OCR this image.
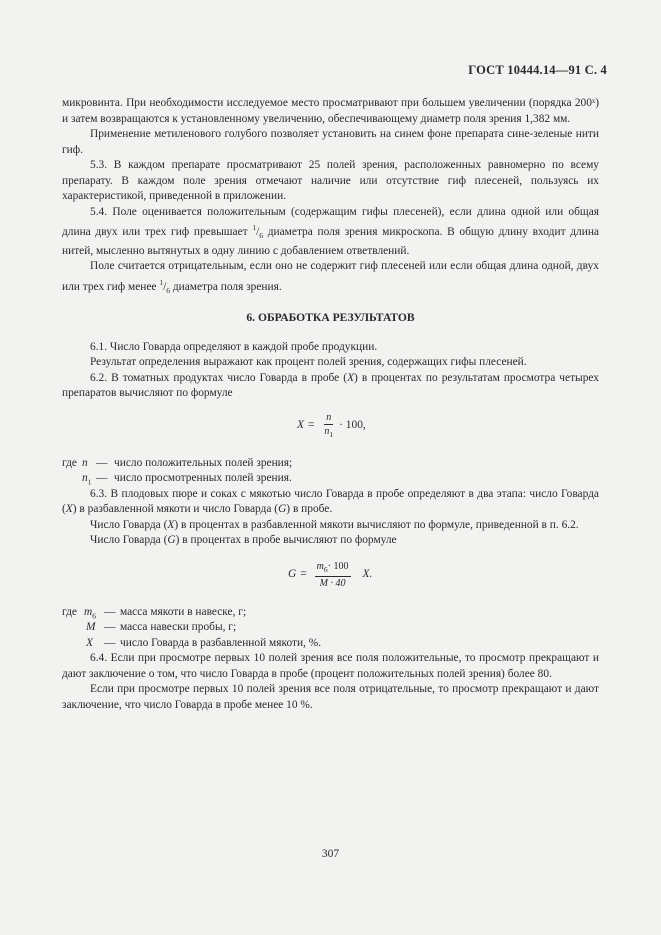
ГОСТ 10444.14—91 С. 4

микровинта. При необходимости исследуемое место просматривают при большем увеличении (порядка 200ˣ) и затем возвращаются к установленному увеличению, обеспечивающему диаметр поля зрения 1,382 мм.

Применение метиленового голубого позволяет установить на синем фоне препарата сине-зеленые нити гиф.

5.3. В каждом препарате просматривают 25 полей зрения, расположенных равномерно по всему препарату. В каждом поле зрения отмечают наличие или отсутствие гиф плесеней, пользуясь их характеристикой, приведенной в приложении.

5.4. Поле оценивается положительным (содержащим гифы плесеней), если длина одной или общая длина двух или трех гиф превышает $^1/_6$ диаметра поля зрения микроскопа. В общую длину входит длина нитей, мысленно вытянутых в одну линию с добавлением ответвлений.

Поле считается отрицательным, если оно не содержит гиф плесеней или если общая длина одной, двух или трех гиф менее $^1/_6$ диаметра поля зрения.

6. ОБРАБОТКА РЕЗУЛЬТАТОВ

6.1. Число Говарда определяют в каждой пробе продукции.

Результат определения выражают как процент полей зрения, содержащих гифы плесеней.

6.2. В томатных продуктах число Говарда в пробе (X) в процентах по результатам просмотра четырех препаратов вычисляют по формуле

$X = \frac{n}{n_1} \cdot 100$,
где n — число положительных полей зрения;
$n_1$ — число просмотренных полей зрения.

6.3. В плодовых пюре и соках с мякотью число Говарда в пробе определяют в два этапа: число Говарда (X) в разбавленной мякоти и число Говарда (G) в пробе.

Число Говарда (X) в процентах в разбавленной мякоти вычисляют по формуле, приведенной в п. 6.2.

Число Говарда (G) в процентах в пробе вычисляют по формуле

$G = \frac{m_6\cdot 100}{M \cdot 40} X$.
где $m_6$ — масса мякоти в навеске, г;
M — масса навески пробы, г;
X — число Говарда в разбавленной мякоти, %.

6.4. Если при просмотре первых 10 полей зрения все поля положительные, то просмотр прекращают и дают заключение о том, что число Говарда в пробе (процент положительных полей зрения) более 80.

Если при просмотре первых 10 полей зрения все поля отрицательные, то просмотр прекращают и дают заключение, что число Говарда в пробе менее 10 %.

307
